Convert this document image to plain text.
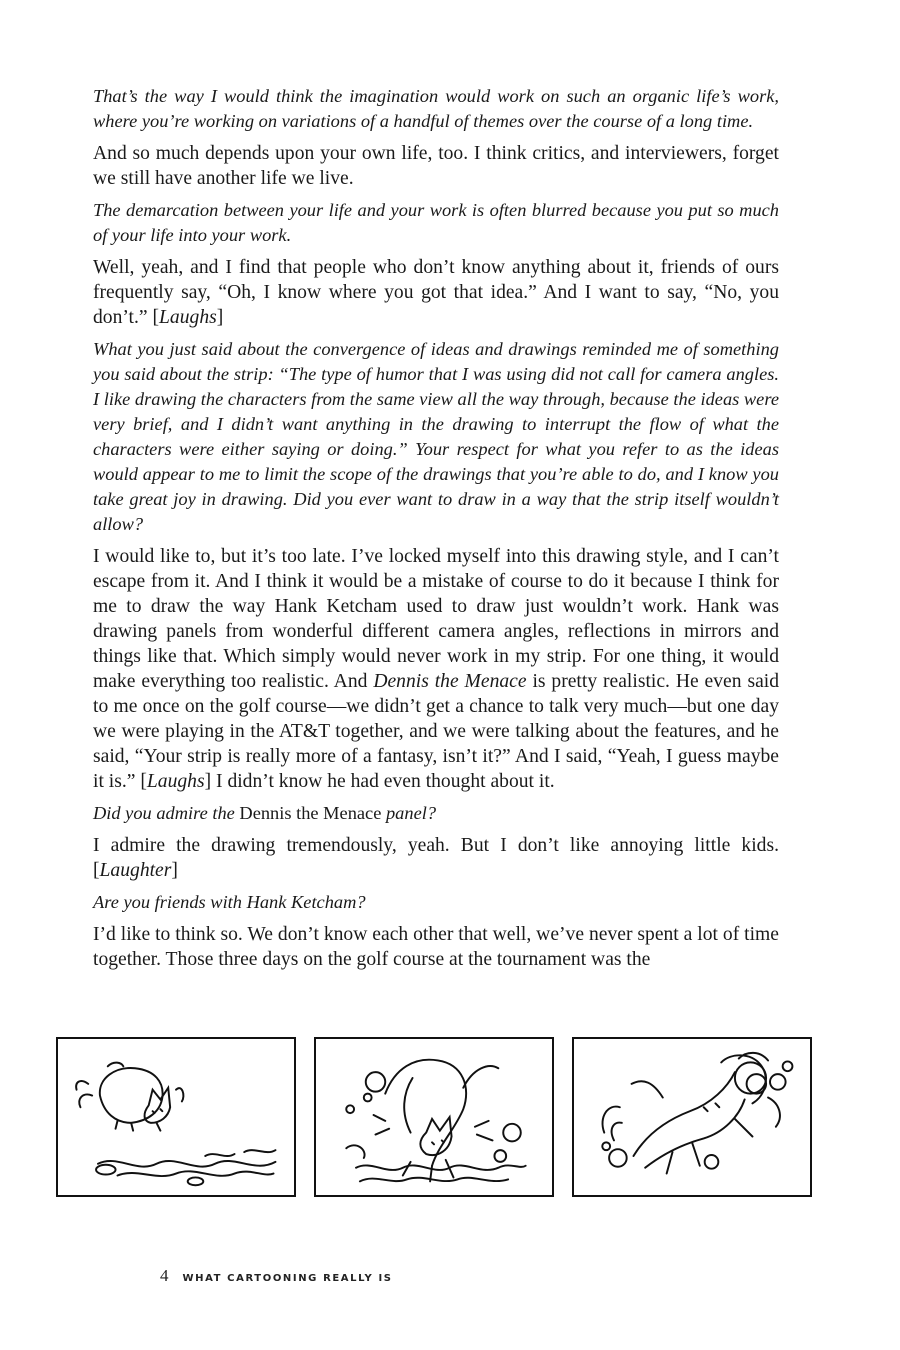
That’s the way I would think the imagination would work on such an organic life’s work, where you’re working on variations of a handful of themes over the course of a long time.

And so much depends upon your own life, too. I think critics, and interviewers, forget we still have another life we live.

The demarcation between your life and your work is often blurred because you put so much of your life into your work.

Well, yeah, and I find that people who don’t know anything about it, friends of ours frequently say, “Oh, I know where you got that idea.” And I want to say, “No, you don’t.” [Laughs]

What you just said about the convergence of ideas and drawings reminded me of something you said about the strip: “The type of humor that I was using did not call for camera angles. I like drawing the characters from the same view all the way through, because the ideas were very brief, and I didn’t want anything in the drawing to interrupt the flow of what the characters were either saying or doing.” Your respect for what you refer to as the ideas would appear to me to limit the scope of the drawings that you’re able to do, and I know you take great joy in drawing. Did you ever want to draw in a way that the strip itself wouldn’t allow?

I would like to, but it’s too late. I’ve locked myself into this drawing style, and I can’t escape from it. And I think it would be a mistake of course to do it because I think for me to draw the way Hank Ketcham used to draw just wouldn’t work. Hank was drawing panels from wonderful different camera angles, reflections in mirrors and things like that. Which simply would never work in my strip. For one thing, it would make everything too realistic. And Dennis the Menace is pretty realistic. He even said to me once on the golf course—we didn’t get a chance to talk very much—but one day we were playing in the AT&T together, and we were talking about the features, and he said, “Your strip is really more of a fantasy, isn’t it?” And I said, “Yeah, I guess maybe it is.” [Laughs] I didn’t know he had even thought about it.

Did you admire the Dennis the Menace panel?

I admire the drawing tremendously, yeah. But I don’t like annoying little kids. [Laughter]

Are you friends with Hank Ketcham?

I’d like to think so. We don’t know each other that well, we’ve never spent a lot of time together. Those three days on the golf course at the tournament was the

4 WHAT CARTOONING REALLY IS
